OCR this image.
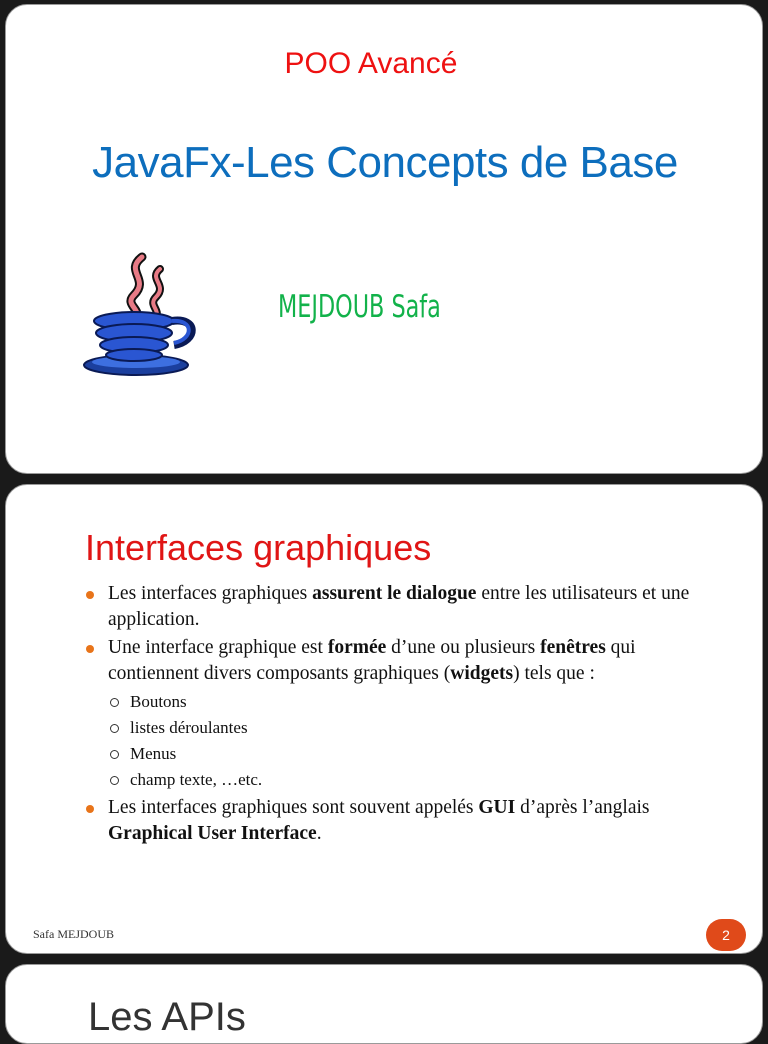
POO Avancé
JavaFx-Les Concepts de Base
MEJDOUB Safa
Interfaces graphiques
Les interfaces graphiques assurent le dialogue entre les utilisateurs et une application.
Une interface graphique est formée d’une ou plusieurs fenêtres qui contiennent divers composants graphiques (widgets) tels que :
Boutons
listes déroulantes
Menus
champ texte, …etc.
Les interfaces graphiques sont souvent appelés GUI d’après l’anglais Graphical User Interface.
Safa MEJDOUB	2
Les APIs
